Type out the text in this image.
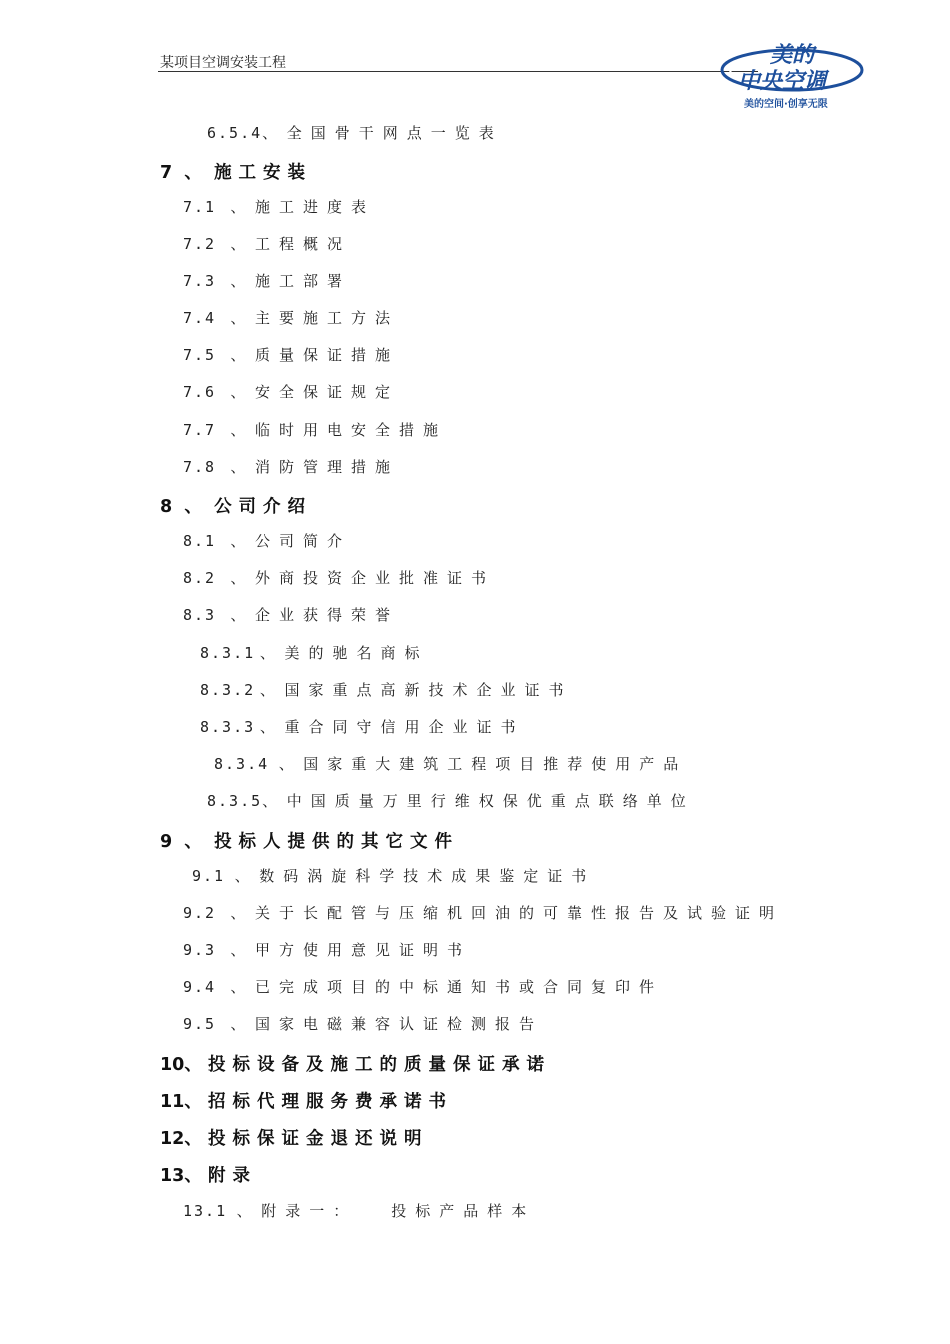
某项目空调安装工程	美的
中央空调
美的空间·创享无限
6.5.4、 全国骨干网点一览表
7  、 施工安装
7.1   、 施工进度表
7.2   、 工程概况
7.3   、 施工部署
7.4   、 主要施工方法
7.5   、 质量保证措施
7.6   、 安全保证规定
7.7   、 临时用电安全措施
7.8   、 消防管理措施
8  、 公司介绍
8.1   、 公司简介
8.2   、 外商投资企业批准证书
8.3   、 企业获得荣誉
8.3.1 、 美的驰名商标
8.3.2 、 国家重点高新技术企业证书
8.3.3 、 重合同守信用企业证书
8.3.4  、 国家重大建筑工程项目推荐使用产品
8.3.5、 中国质量万里行维权保优重点联络单位
9  、 投标人提供的其它文件
9.1  、 数码涡旋科学技术成果鉴定证书
9.2   、 关于长配管与压缩机回油的可靠性报告及试验证明
9.3   、 甲方使用意见证明书
9.4   、 已完成项目的中标通知书或合同复印件
9.5   、 国家电磁兼容认证检测报告
10、 投标设备及施工的质量保证承诺
11、 招标代理服务费承诺书
12、 投标保证金退还说明
13、 附录
13.1  、 附录一： 投标产品样本
